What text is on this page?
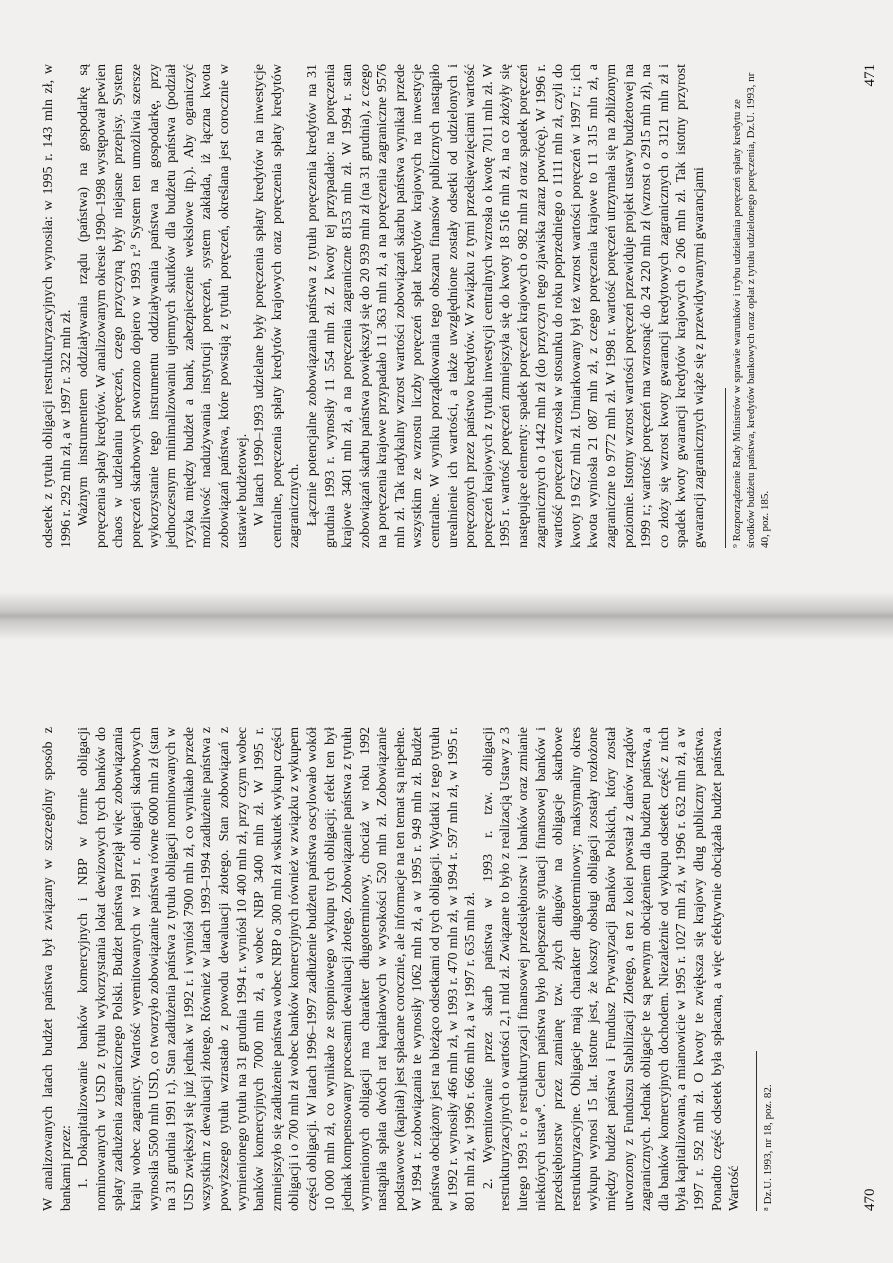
W analizowanych latach budżet państwa był związany w szczególny sposób z bankami przez: 1. Dokapitalizowanie banków komercyjnych i NBP w formie obligacji nominowanych w USD z tytułu wykorzystania lokat dewizowych tych banków do spłaty zadłużenia zagranicznego Polski. Budżet państwa przejął więc zobowiązania kraju wobec zagranicy. Wartość wyemitowanych w 1991 r. obligacji skarbowych wynosiła 5500 mln USD, co tworzyło zobowiązanie państwa równe 6000 mln zł (stan na 31 grudnia 1991 r.). Stan zadłużenia państwa z tytułu obligacji nominowanych w USD zwiększył się już jednak w 1992 r. i wyniósł 7900 mln zł, co wynikało przede wszystkim z dewaluacji złotego. Również w latach 1993–1994 zadłużenie państwa z powyższego tytułu wzrastało z powodu dewaluacji złotego. Stan zobowiązań z wymienionego tytułu na 31 grudnia 1994 r. wyniósł 10 400 mln zł, przy czym wobec banków komercyjnych 7000 mln zł, a wobec NBP 3400 mln zł. W 1995 r. zmniejszyło się zadłużenie państwa wobec NBP o 300 mln zł wskutek wykupu części obligacji i o 700 mln zł wobec banków komercyjnych również w związku z wykupem części obligacji. W latach 1996–1997 zadłużenie budżetu państwa oscylowało wokół 10 000 mln zł, co wynikało ze stopniowego wykupu tych obligacji; efekt ten był jednak kompensowany procesami dewaluacji złotego. Zobowiązanie państwa z tytułu wymienionych obligacji ma charakter długoterminowy, chociaż w roku 1992 nastąpiła spłata dwóch rat kapitałowych w wysokości 520 mln zł. Zobowiązanie podstawowe (kapitał) jest spłacane corocznie, ale informacje na ten temat są niepełne. W 1994 r. zobowiązania te wynosiły 1062 mln zł, a w 1995 r. 949 mln zł. Budżet państwa obciążony jest na bieżąco odsetkami od tych obligacji. Wydatki z tego tytułu w 1992 r. wynosiły 466 mln zł, w 1993 r. 470 mln zł, w 1994 r. 597 mln zł, w 1995 r. 801 mln zł, w 1996 r. 666 mln zł, a w 1997 r. 635 mln zł. 2. Wyemitowanie przez skarb państwa w 1993 r. tzw. obligacji restrukturyzacyjnych o wartości 2,1 mld zł. Związane to było z realizacją Ustawy z 3 lutego 1993 r. o restrukturyzacji finansowej przedsiębiorstw i banków oraz zmianie niektórych ustaw⁸. Celem państwa było polepszenie sytuacji finansowej banków i przedsiębiorstw przez zamianę tzw. złych długów na obligacje skarbowe restrukturyzacyjne. Obligacje mają charakter długoterminowy; maksymalny okres wykupu wynosi 15 lat. Istotne jest, że koszty obsługi obligacji zostały rozłożone między budżet państwa i Fundusz Prywatyzacji Banków Polskich, który został utworzony z Funduszu Stabilizacji Złotego, a ten z kolei powstał z darów rządów zagranicznych. Jednak obligacje te są pewnym obciążeniem dla budżetu państwa, a dla banków komercyjnych dochodem. Niezależnie od wykupu odsetek część z nich była kapitalizowana, a mianowicie w 1995 r. 1027 mln zł, w 1996 r. 632 mln zł, a w 1997 r. 592 mln zł. O kwoty te zwiększa się krajowy dług publiczny państwa. Ponadto część odsetek była spłacana, a więc efektywnie obciążała budżet państwa. Wartość	⁸ Dz.U. 1993, nr 18, poz. 82.	470

odsetek z tytułu obligacji restrukturyzacyjnych wynosiła: w 1995 r. 143 mln zł, w 1996 r. 292 mln zł, a w 1997 r. 322 mln zł. Ważnym instrumentem oddziaływania rządu (państwa) na gospodarkę są poręczenia spłaty kredytów. W analizowanym okresie 1990–1998 występował pewien chaos w udzielaniu poręczeń, czego przyczyną były niejasne przepisy. System poręczeń skarbowych stworzono dopiero w 1993 r.⁹ System ten umożliwia szersze wykorzystanie tego instrumentu oddziaływania państwa na gospodarkę, przy jednoczesnym minimalizowaniu ujemnych skutków dla budżetu państwa (podział ryzyka między budżet a bank, zabezpieczenie wekslowe itp.). Aby ograniczyć możliwość nadużywania instytucji poręczeń, system zakłada, iż łączna kwota zobowiązań państwa, które powstają z tytułu poręczeń, określana jest corocznie w ustawie budżetowej. W latach 1990–1993 udzielane były poręczenia spłaty kredytów na inwestycje centralne, poręczenia spłaty kredytów krajowych oraz poręczenia spłaty kredytów zagranicznych. Łącznie potencjalne zobowiązania państwa z tytułu poręczenia kredytów na 31 grudnia 1993 r. wynosiły 11 554 mln zł. Z kwoty tej przypadało: na poręczenia krajowe 3401 mln zł, a na poręczenia zagraniczne 8153 mln zł. W 1994 r. stan zobowiązań skarbu państwa powiększył się do 20 939 mln zł (na 31 grudnia), z czego na poręczenia krajowe przypadało 11 363 mln zł, a na poręczenia zagraniczne 9576 mln zł. Tak radykalny wzrost wartości zobowiązań skarbu państwa wynikał przede wszystkim ze wzrostu liczby poręczeń spłat kredytów krajowych na inwestycje centralne. W wyniku porządkowania tego obszaru finansów publicznych nastąpiło urealnienie ich wartości, a także uwzględnione zostały odsetki od udzielonych i poręczonych przez państwo kredytów. W związku z tymi przedsięwzięciami wartość poręczeń krajowych z tytułu inwestycji centralnych wzrosła o kwotę 7011 mln zł. W 1995 r. wartość poręczeń zmniejszyła się do kwoty 18 516 mln zł, na co złożyły się następujące elementy: spadek poręczeń krajowych o 982 mln zł oraz spadek poręczeń zagranicznych o 1442 mln zł (do przyczyn tego zjawiska zaraz powrócę). W 1996 r. wartość poręczeń wzrosła w stosunku do roku poprzedniego o 1111 mln zł, czyli do kwoty 19 627 mln zł. Umiarkowany był też wzrost wartości poręczeń w 1997 r.; ich kwota wyniosła 21 087 mln zł, z czego poręczenia krajowe to 11 315 mln zł, a zagraniczne to 9772 mln zł. W 1998 r. wartość poręczeń utrzymała się na zbliżonym poziomie. Istotny wzrost wartości poręczeń przewiduje projekt ustawy budżetowej na 1999 r.; wartość poręczeń ma wzrosnąć do 24 220 mln zł (wzrost o 2915 mln zł), na co złoży się wzrost kwoty gwarancji kredytowych zagranicznych o 3121 mln zł i spadek kwoty gwarancji kredytów krajowych o 206 mln zł. Tak istotny przyrost gwarancji zagranicznych wiąże się z przewidywanymi gwarancjami ⁹ Rozporządzenie Rady Ministrów w sprawie warunków i trybu udzielania poręczeń spłaty kredytu ze środków budżetu państwa, kredytów bankowych oraz opłat z tytułu udzielonego poręczenia, Dz.U. 1993, nr 40, poz. 185.
471
